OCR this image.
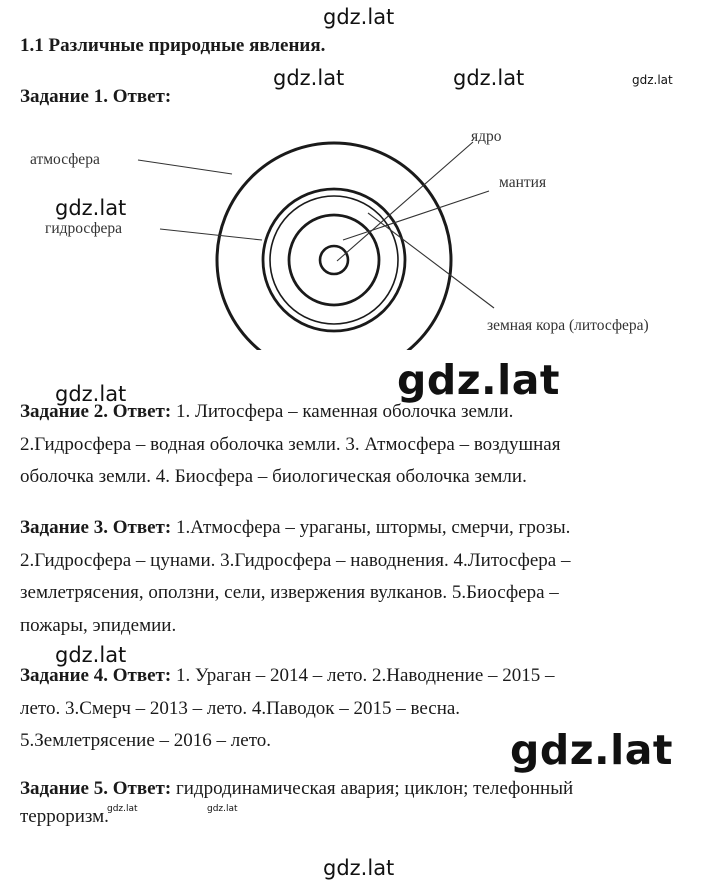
gdz.lat
gdz.lat	gdz.lat	gdz.lat
gdz.lat
gdz.lat	gdz.lat
gdz.lat
gdz.lat
gdz.lat	gdz.lat
gdz.lat
1.1 Различные природные явления.
Задание 1. Ответ:
атмосфера
ядро
мантия
гидросфера
земная кора (литосфера)
Задание 2. Ответ: 1. Литосфера – каменная оболочка земли.
2.Гидросфера – водная оболочка земли. 3. Атмосфера – воздушная
оболочка земли. 4. Биосфера – биологическая оболочка земли.
Задание 3. Ответ: 1.Атмосфера – ураганы, штормы, смерчи, грозы.
2.Гидросфера – цунами. 3.Гидросфера – наводнения. 4.Литосфера –
землетрясения, оползни, сели, извержения вулканов. 5.Биосфера –
пожары, эпидемии.
Задание 4. Ответ: 1. Ураган – 2014 – лето. 2.Наводнение – 2015 –
лето. 3.Смерч – 2013 – лето. 4.Паводок – 2015 – весна.
5.Землетрясение – 2016 – лето.
Задание 5. Ответ: гидродинамическая авария; циклон; телефонный
терроризм.
